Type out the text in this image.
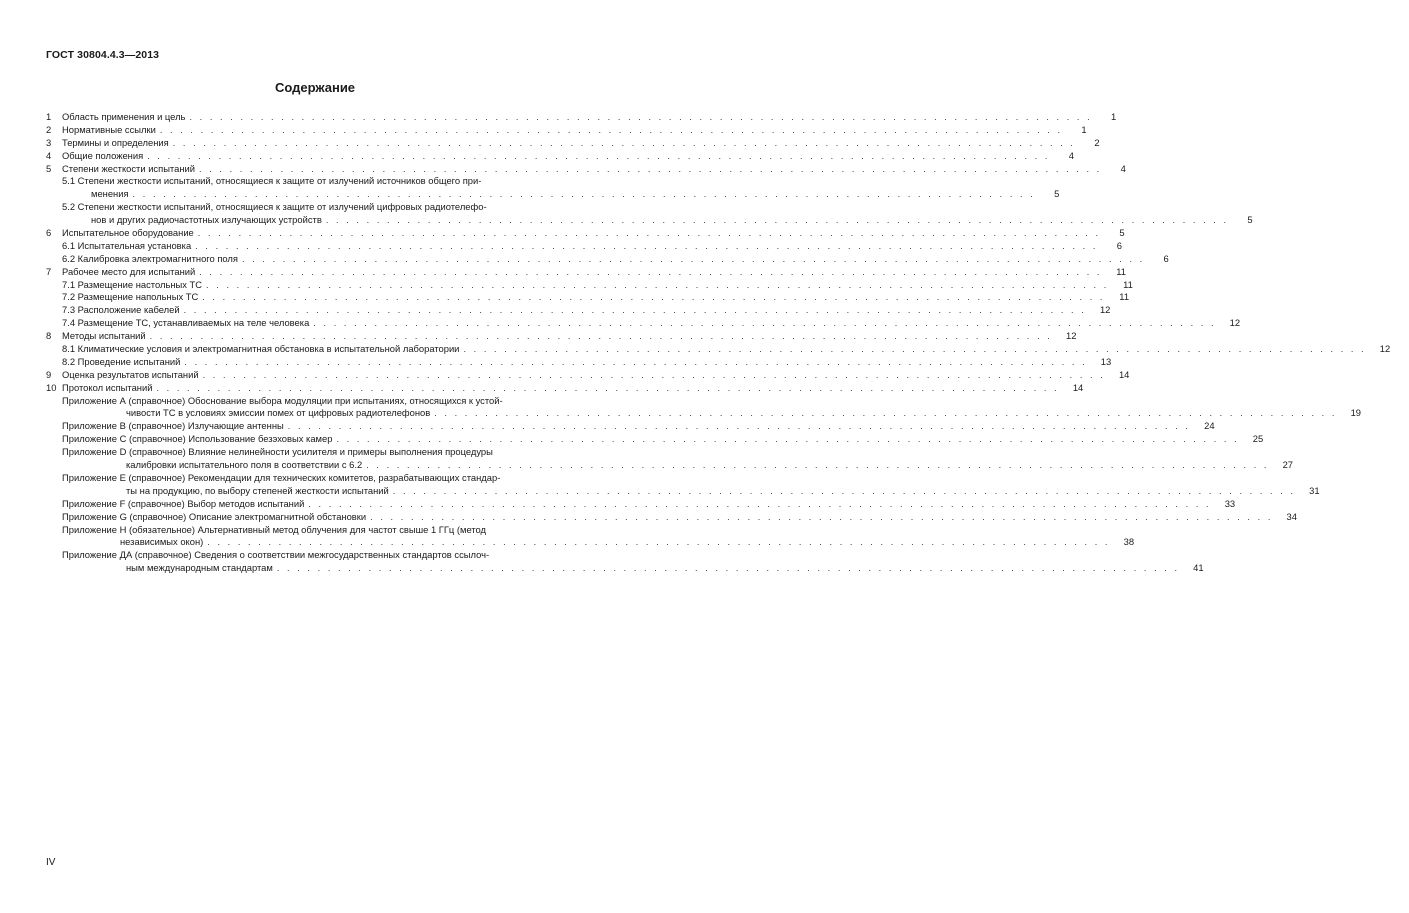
ГОСТ 30804.4.3—2013
Содержание
1	Область применения и цель . . .	1
2	Нормативные ссылки . . .	1
3	Термины и определения . . .	2
4	Общие положения . . .	4
5	Степени жесткости испытаний . . .	4
5.1 Степени жесткости испытаний, относящиеся к защите от излучений источников общего при-
менения . . .	5
5.2 Степени жесткости испытаний, относящиеся к защите от излучений цифровых радиотелефо-
нов и других радиочастотных излучающих устройств . . .	5
6	Испытательное оборудование . . .	5
6.1 Испытательная установка . . .	6
6.2 Калибровка электромагнитного поля . . .	6
7	Рабочее место для испытаний . . .	11
7.1 Размещение настольных ТС . . .	11
7.2 Размещение напольных ТС . . .	11
7.3 Расположение кабелей . . .	12
7.4 Размещение ТС, устанавливаемых на теле человека . . .	12
8	Методы испытаний . . .	12
8.1 Климатические условия и электромагнитная обстановка в испытательной лаборатории . . .	12
8.2 Проведение испытаний . . .	13
9	Оценка результатов испытаний . . .	14
10 Протокол испытаний . . .	14
Приложение А (справочное) Обоснование выбора модуляции при испытаниях, относящихся к устой-
чивости ТС в условиях эмиссии помех от цифровых радиотелефонов . . .	19
Приложение В (справочное) Излучающие антенны . . .	24
Приложение С (справочное) Использование безэховых камер . . .	25
Приложение D (справочное) Влияние нелинейности усилителя и примеры выполнения процедуры
калибровки испытательного поля в соответствии с 6.2 . . .	27
Приложение Е (справочное) Рекомендации для технических комитетов, разрабатывающих стандар-
ты на продукцию, по выбору степеней жесткости испытаний . . .	31
Приложение F (справочное) Выбор методов испытаний . . .	33
Приложение G (справочное) Описание электромагнитной обстановки . . .	34
Приложение Н (обязательное) Альтернативный метод облучения для частот свыше 1 ГГц (метод
независимых окон) . . .	38
Приложение ДА (справочное) Сведения о соответствии межгосударственных стандартов ссылоч-
ным международным стандартам . . .	41
IV
